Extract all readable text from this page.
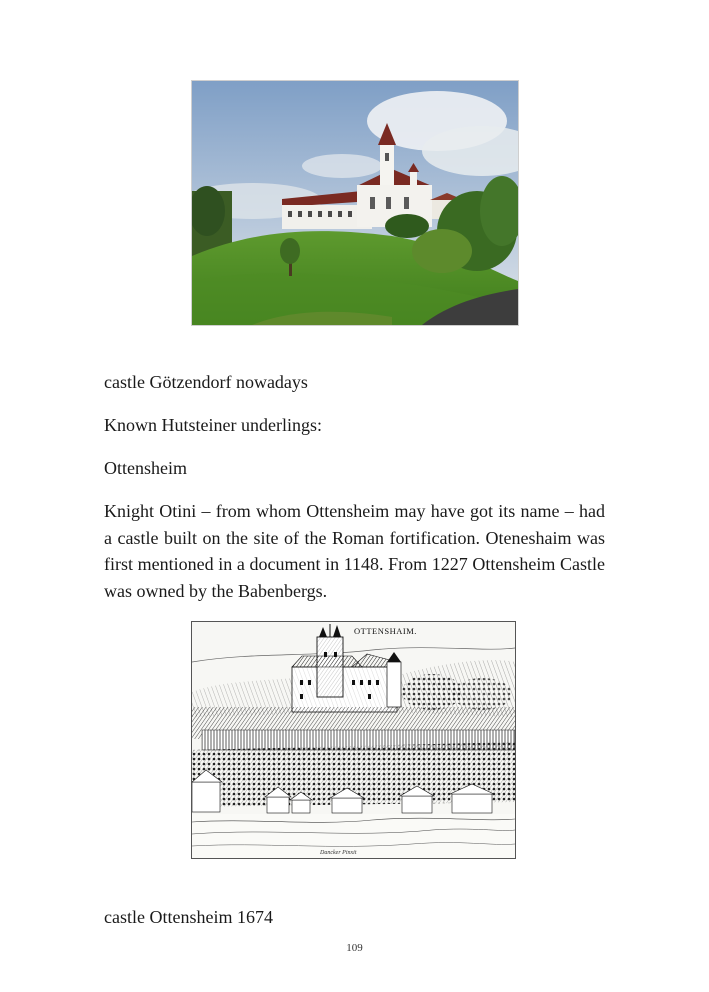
castle Götzendorf nowadays

Known Hutsteiner underlings:

Ottensheim

Knight Otini – from whom Ottensheim may have got its name – had a castle built on the site of the Roman fortification. Oteneshaim was first mentioned in a document in 1148. From 1227 Ottensheim Castle was owned by the Babenbergs.

OTTENSHAIM.
Dancker Pinxit

castle Ottensheim 1674

109
